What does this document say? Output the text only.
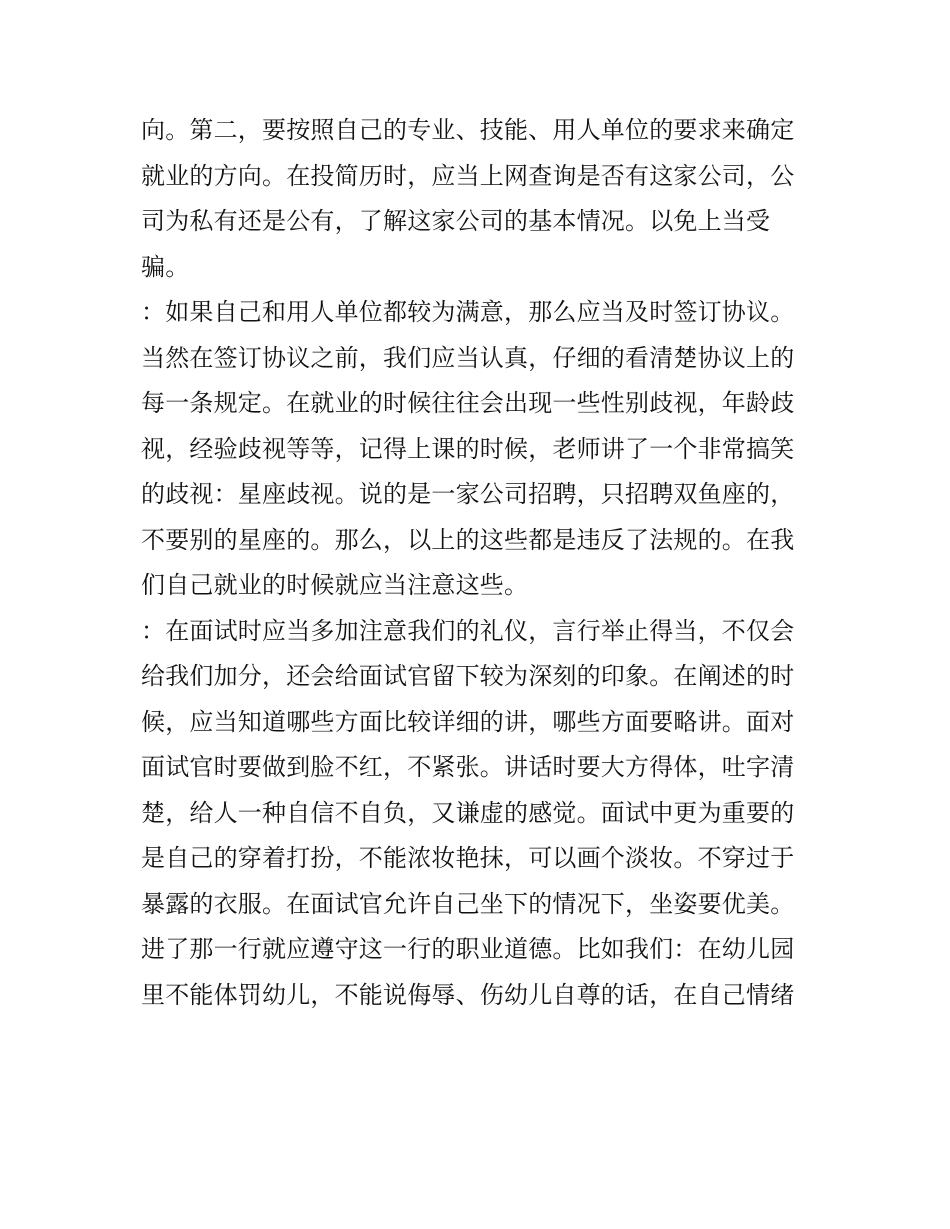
向。第二，要按照自己的专业、技能、用人单位的要求来确定
就业的方向。在投简历时，应当上网查询是否有这家公司，公
司为私有还是公有，了解这家公司的基本情况。以免上当受
骗。
：如果自己和用人单位都较为满意，那么应当及时签订协议。
当然在签订协议之前，我们应当认真，仔细的看清楚协议上的
每一条规定。在就业的时候往往会出现一些性别歧视，年龄歧
视，经验歧视等等，记得上课的时候，老师讲了一个非常搞笑
的歧视：星座歧视。说的是一家公司招聘，只招聘双鱼座的，
不要别的星座的。那么，以上的这些都是违反了法规的。在我
们自己就业的时候就应当注意这些。
：在面试时应当多加注意我们的礼仪，言行举止得当，不仅会
给我们加分，还会给面试官留下较为深刻的印象。在阐述的时
候，应当知道哪些方面比较详细的讲，哪些方面要略讲。面对
面试官时要做到脸不红，不紧张。讲话时要大方得体，吐字清
楚，给人一种自信不自负，又谦虚的感觉。面试中更为重要的
是自己的穿着打扮，不能浓妆艳抹，可以画个淡妆。不穿过于
暴露的衣服。在面试官允许自己坐下的情况下，坐姿要优美。
进了那一行就应遵守这一行的职业道德。比如我们：在幼儿园
里不能体罚幼儿，不能说侮辱、伤幼儿自尊的话，在自己情绪
